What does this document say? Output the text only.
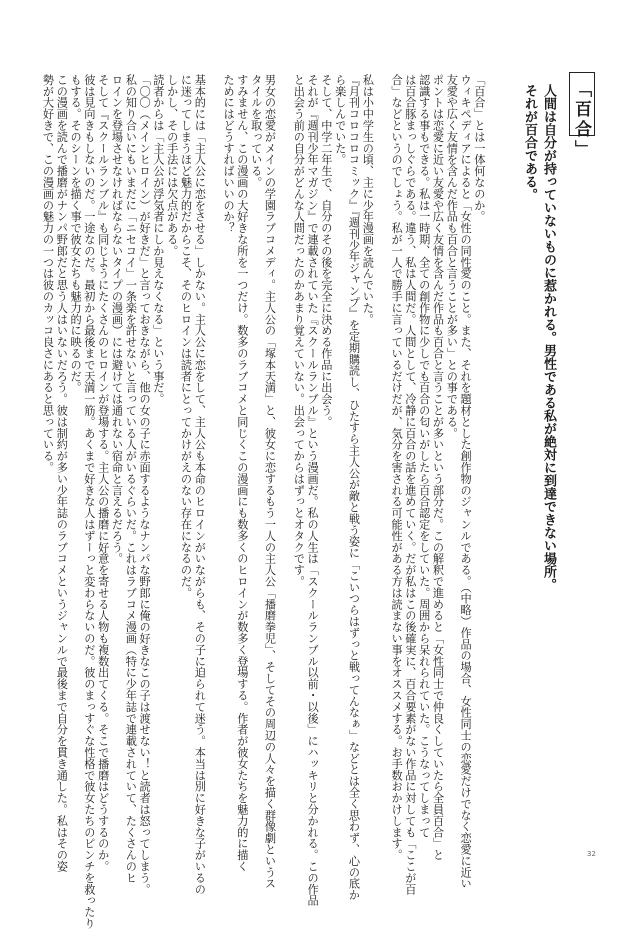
「百合」
人間は自分が持っていないものに惹かれる。男性である私が絶対に到達できない場所。
それが百合である。
「百合」とは一体何なのか。
ウィキペディアによると「女性の同性愛のこと。また、それを題材とした創作物のジャンルである。（中略）作品の場合、女性同士の恋愛だけでなく恋愛に近い
友愛や広く友情を含んだ作品も百合と言うことが多い」との事である。
ポントは恋愛に近い友愛や広く友情を含んだ作品も百合と言うことが多いという部分だ。この解釈で進めると「女性同士で仲良くしていたら全員百合」と
認識する事もできる。私は一時期、全ての創作物に少しでも百合の匂いがしたら百合認定をしていた。周囲から呆れられていた。こうなってしまって
は百合豚まっしぐらである。違う、私は人間だ。人間として、冷静に百合の話を進めていく。だが私はこの後確実に、百合要素がない作品に対しても「ここが百
合」などというのでしょう。私が一人で勝手に言っているだけだが、気分を害される可能性がある方は読まない事をオススメする。お手数おかけします。
私は小中学生の頃、主に少年漫画を読んでいた。
『月刊コロコロコミック』『週刊少年ジャンプ』を定期購読し、ひたすら主人公が敵と戦う姿に「こいつらはずっと戦ってんなぁ」などとは全く思わず、心の底か
ら楽しんでいた。
そして、中学二年生で、自分のその後を完全に決める作品に出会う。
それが『週刊少年マガジン』で連載されていた『スクールランブル』という漫画だ。私の人生は「スクールランブル以前・以後」にハッキリと分かれる。この作品
と出会う前の自分がどんな人間だったのかあまり覚えていない。出会ってからはずっとオタクです。
男女の恋愛がメインの学園ラブコメディ。主人公の「塚本天満」と、彼女に恋するもう一人の主人公「播磨拳児」、そしてその周辺の人々を描く群像劇というス
タイルを取っている。
すみません、この漫画の大好きな所を一つだけ。数多のラブコメと同じくこの漫画にも数多くのヒロインが数多く登場する。作者が彼女たちを魅力的に描く
ためにはどうすればいいのか？
基本的には「主人公に恋をさせる」しかない。主人公に恋をして、主人公も本命のヒロインがいながらも、その子に迫られて迷う。本当は別に好きな子がいるの
に迷ってしまうほど魅力的だからこそ、そのヒロインは読者にとってかけがえのない存在になるのだ。
しかし、その手法には欠点がある。
読者からは「主人公が浮気者にしか見えなくなる」という事だ。
「〇〇（メインヒロイン）が好きだ」と言っておきながら、他の女の子に赤面するようなナンパな野郎に俺の好きなこの子は渡せない！と読者は怒ってしまう。
私の知り合いにもいまだに「ニセコイ」一条楽を許せないと言っている人がいるぐらいだ。これはラブコメ漫画（特に少年誌で連載されていて、たくさんのヒ
ロインを登場させなければならないタイプの漫画）には避けては通れない宿命と言えるだろう。
そして『スクールランブル』も同じようにたくさんのヒロインが登場する。主人公の播磨に好意を寄せる人物も複数出てくる。そこで播磨はどうするのか。
彼は見向きもしないのだ。一途なのだ。最初から最後まで天満一筋。あくまで好きな人はずーっと変わらないのだ。彼のまっすぐな性格で彼女たちのピンチを救ったり
もする。そのシーンを描く事で彼女たちも魅力的に映るのだ。
この漫画を読んで播磨がナンパ野郎だと思う人はいないだろう。彼は制約が多い少年誌のラブコメというジャンルで最後まで自分を貫き通した。私はその姿
勢が大好きで、この漫画の魅力の一つは彼のカッコ良さにあると思っている。
32
